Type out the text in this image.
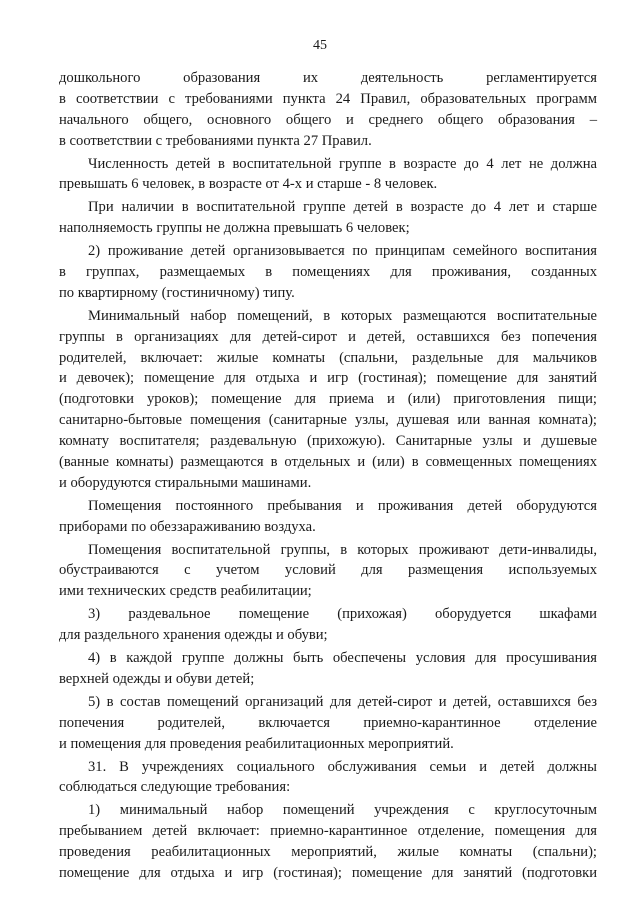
45
дошкольного образования их деятельность регламентируется
в соответствии с требованиями пункта 24 Правил, образовательных программ
начального общего, основного общего и среднего общего образования –
в соответствии с требованиями пункта 27 Правил.
Численность детей в воспитательной группе в возрасте до 4 лет не должна
превышать 6 человек, в возрасте от 4-х и старше - 8 человек.
При наличии в воспитательной группе детей в возрасте до 4 лет и старше
наполняемость группы не должна превышать 6 человек;
2) проживание детей организовывается по принципам семейного воспитания
в группах, размещаемых в помещениях для проживания, созданных
по квартирному (гостиничному) типу.
Минимальный набор помещений, в которых размещаются воспитательные
группы в организациях для детей-сирот и детей, оставшихся без попечения
родителей, включает: жилые комнаты (спальни, раздельные для мальчиков
и девочек); помещение для отдыха и игр (гостиная); помещение для занятий
(подготовки уроков); помещение для приема и (или) приготовления пищи;
санитарно-бытовые помещения (санитарные узлы, душевая или ванная комната);
комнату воспитателя; раздевальную (прихожую). Санитарные узлы и душевые
(ванные комнаты) размещаются в отдельных и (или) в совмещенных помещениях
и оборудуются стиральными машинами.
Помещения постоянного пребывания и проживания детей оборудуются
приборами по обеззараживанию воздуха.
Помещения воспитательной группы, в которых проживают дети-инвалиды,
обустраиваются с учетом условий для размещения используемых
ими технических средств реабилитации;
3) раздевальное помещение (прихожая) оборудуется шкафами
для раздельного хранения одежды и обуви;
4) в каждой группе должны быть обеспечены условия для просушивания
верхней одежды и обуви детей;
5) в состав помещений организаций для детей-сирот и детей, оставшихся без
попечения родителей, включается приемно-карантинное отделение
и помещения для проведения реабилитационных мероприятий.
31. В учреждениях социального обслуживания семьи и детей должны
соблюдаться следующие требования:
1) минимальный набор помещений учреждения с круглосуточным
пребыванием детей включает: приемно-карантинное отделение, помещения для
проведения реабилитационных мероприятий, жилые комнаты (спальни);
помещение для отдыха и игр (гостиная); помещение для занятий (подготовки
